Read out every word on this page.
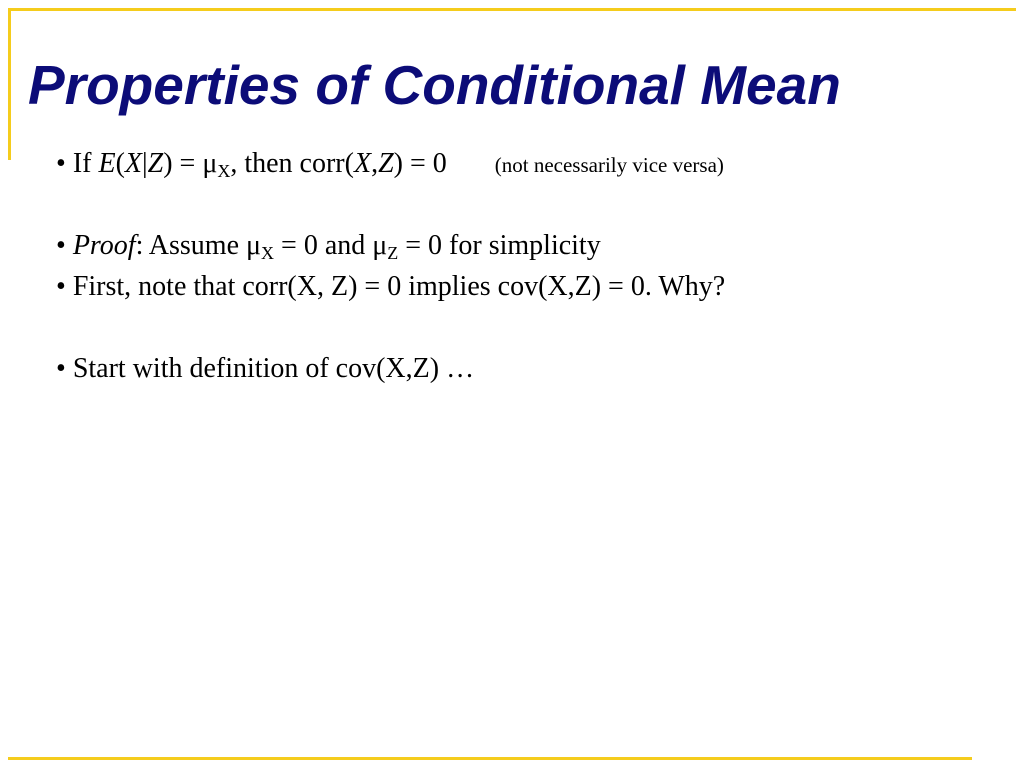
Properties of Conditional Mean

• If $E(X|Z) = \mu_X$, then corr(X,Z) = 0 (not necessarily vice versa)

• Proof: Assume $\mu_X = 0$ and $\mu_Z = 0$ for simplicity

• First, note that corr(X, Z) = 0 implies cov(X,Z) = 0. Why?

• Start with definition of cov(X,Z) …
